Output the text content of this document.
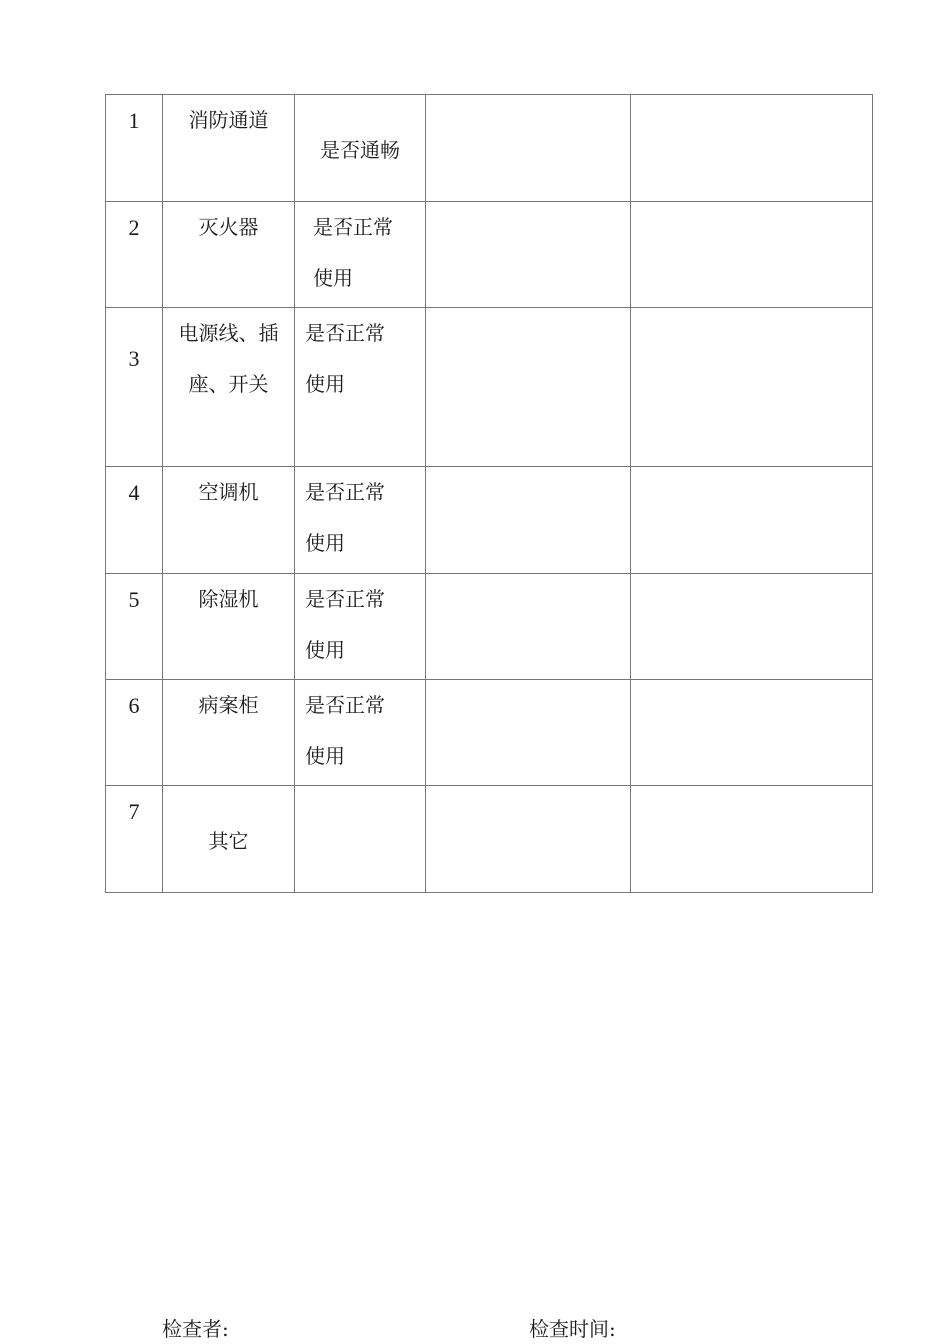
1	消防通道	是否通畅		
2	灭火器	是否正常使用		
3	电源线、插座、开关	是否正常使用		
4	空调机	是否正常使用		
5	除湿机	是否正常使用		
6	病案柜	是否正常使用		
7	其它			
检查者:	检查时间:
